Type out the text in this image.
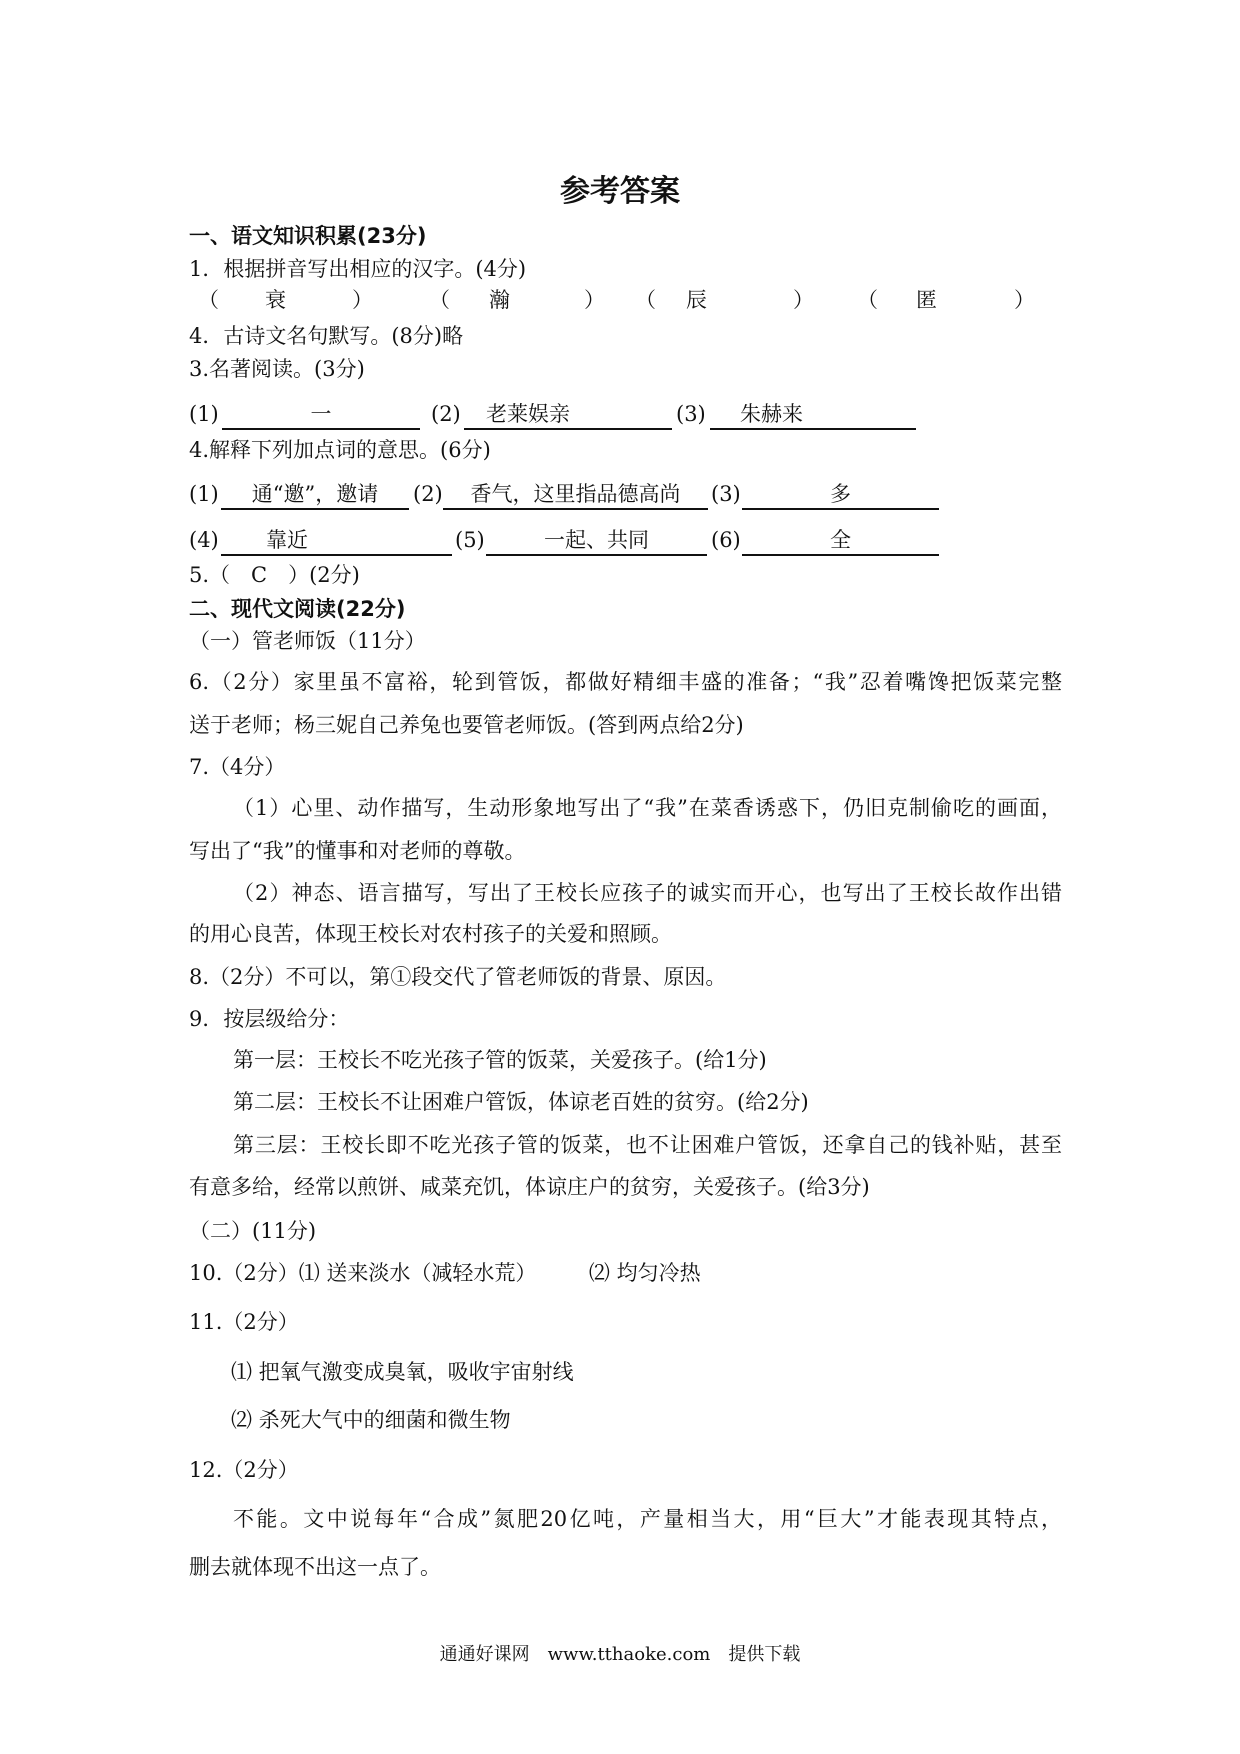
参考答案
一、语文知识积累(23分)
1．根据拼音写出相应的汉字。(4分)
（ 衰	）	（ 瀚	） （ 辰	） （ 匿	）
4．古诗文名句默写。(8分)略
3.名著阅读。(3分)
(1)	一	(2)	老莱娱亲	(3)	朱赫来
4.解释下列加点词的意思。(6分)
(1)	通“邀”，邀请	(2)	香气，这里指品德高尚	(3)	多
(4)	靠近	(5)	一起、共同	(6)	全
5.（　C　）(2分)
二、现代文阅读(22分)
（一）管老师饭（11分）
6.（2分）家里虽不富裕，轮到管饭，都做好精细丰盛的准备；“我”忍着嘴馋把饭菜完整
送于老师；杨三妮自己养兔也要管老师饭。(答到两点给2分)
7.（4分）
（1）心里、动作描写，生动形象地写出了“我”在菜香诱惑下，仍旧克制偷吃的画面，
写出了“我”的懂事和对老师的尊敬。
（2）神态、语言描写，写出了王校长应孩子的诚实而开心，也写出了王校长故作出错
的用心良苦，体现王校长对农村孩子的关爱和照顾。
8.（2分）不可以，第①段交代了管老师饭的背景、原因。
9．按层级给分：
第一层：王校长不吃光孩子管的饭菜，关爱孩子。(给1分)
第二层：王校长不让困难户管饭，体谅老百姓的贫穷。(给2分)
第三层：王校长即不吃光孩子管的饭菜，也不让困难户管饭，还拿自己的钱补贴，甚至
有意多给，经常以煎饼、咸菜充饥，体谅庄户的贫穷，关爱孩子。(给3分)
（二）(11分)
10.（2分）⑴ 送来淡水（减轻水荒）　　　⑵ 均匀冷热
11.（2分）
⑴ 把氧气激变成臭氧，吸收宇宙射线
⑵ 杀死大气中的细菌和微生物
12.（2分）
不能。文中说每年“合成”氮肥20亿吨，产量相当大，用“巨大”才能表现其特点，
删去就体现不出这一点了。
通通好课网　www.tthaoke.com　提供下载
